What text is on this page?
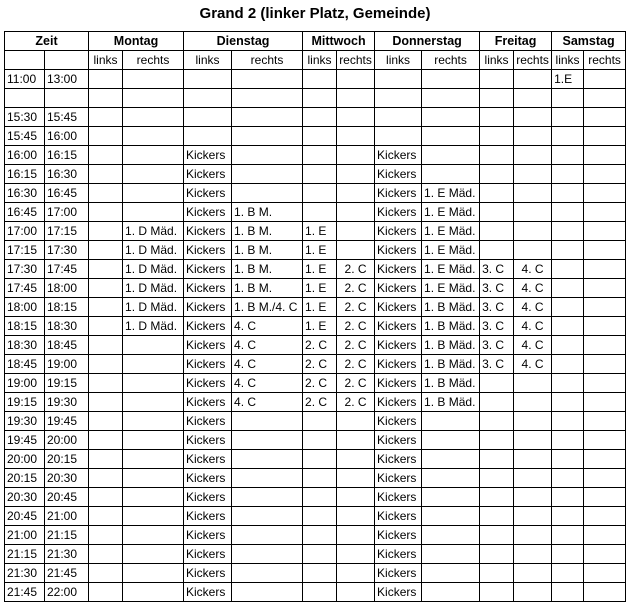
Grand 2 (linker Platz, Gemeinde)
Zeit		Montag		Dienstag		Mittwoch		Donnerstag		Freitag		Samstag	
		links	rechts	links	rechts	links	rechts	links	rechts	links	rechts	links	rechts
11:00	13:00											1.E	

15:30	15:45												
15:45	16:00												
16:00	16:15			Kickers				Kickers					
16:15	16:30			Kickers				Kickers					
16:30	16:45			Kickers				Kickers	1. E Mäd.				
16:45	17:00			Kickers	1. B M.			Kickers	1. E Mäd.				
17:00	17:15		1. D Mäd.	Kickers	1. B M.	1. E		Kickers	1. E Mäd.				
17:15	17:30		1. D Mäd.	Kickers	1. B M.	1. E		Kickers	1. E Mäd.				
17:30	17:45		1. D Mäd.	Kickers	1. B M.	1. E	2. C	Kickers	1. E Mäd.	3. C	4. C		
17:45	18:00		1. D Mäd.	Kickers	1. B M.	1. E	2. C	Kickers	1. E Mäd.	3. C	4. C		
18:00	18:15		1. D Mäd.	Kickers	1. B M./4. C	1. E	2. C	Kickers	1. B Mäd.	3. C	4. C		
18:15	18:30		1. D Mäd.	Kickers	4. C	1. E	2. C	Kickers	1. B Mäd.	3. C	4. C		
18:30	18:45			Kickers	4. C	2. C	2. C	Kickers	1. B Mäd.	3. C	4. C		
18:45	19:00			Kickers	4. C	2. C	2. C	Kickers	1. B Mäd.	3. C	4. C		
19:00	19:15			Kickers	4. C	2. C	2. C	Kickers	1. B Mäd.				
19:15	19:30			Kickers	4. C	2. C	2. C	Kickers	1. B Mäd.				
19:30	19:45			Kickers				Kickers					
19:45	20:00			Kickers				Kickers					
20:00	20:15			Kickers				Kickers					
20:15	20:30			Kickers				Kickers					
20:30	20:45			Kickers				Kickers					
20:45	21:00			Kickers				Kickers					
21:00	21:15			Kickers				Kickers					
21:15	21:30			Kickers				Kickers					
21:30	21:45			Kickers				Kickers					
21:45	22:00			Kickers				Kickers					
